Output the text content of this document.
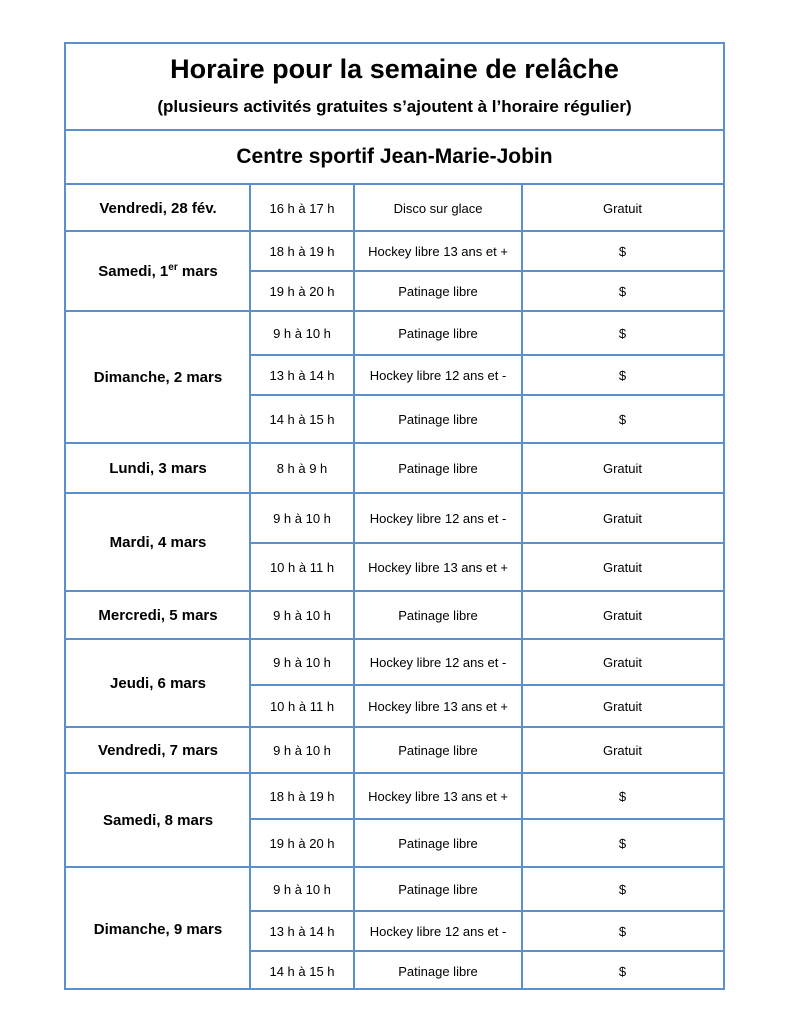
Horaire pour la semaine de relâche
(plusieurs activités gratuites s’ajoutent à l’horaire régulier)
Centre sportif Jean-Marie-Jobin
Vendredi, 28 fév.	16 h à 17 h	Disco sur glace	Gratuit
Samedi, 1er mars
18 h à 19 h	Hockey libre 13 ans et +	$
19 h à 20 h	Patinage libre	$
Dimanche, 2 mars
9 h à 10 h	Patinage libre	$
13 h à 14 h	Hockey libre 12 ans et -	$
14 h à 15 h	Patinage libre	$
Lundi, 3 mars	8 h à 9 h	Patinage libre	Gratuit
Mardi, 4 mars
9 h à 10 h	Hockey libre 12 ans et -	Gratuit
10 h à 11 h	Hockey libre 13 ans et +	Gratuit
Mercredi, 5 mars	9 h à 10 h	Patinage libre	Gratuit
Jeudi, 6 mars
9 h à 10 h	Hockey libre 12 ans et -	Gratuit
10 h à 11 h	Hockey libre 13 ans et +	Gratuit
Vendredi, 7 mars	9 h à 10 h	Patinage libre	Gratuit
Samedi, 8 mars
18 h à 19 h	Hockey libre 13 ans et +	$
19 h à 20 h	Patinage libre	$
Dimanche, 9 mars
9 h à 10 h	Patinage libre	$
13 h à 14 h	Hockey libre 12 ans et -	$
14 h à 15 h	Patinage libre	$
